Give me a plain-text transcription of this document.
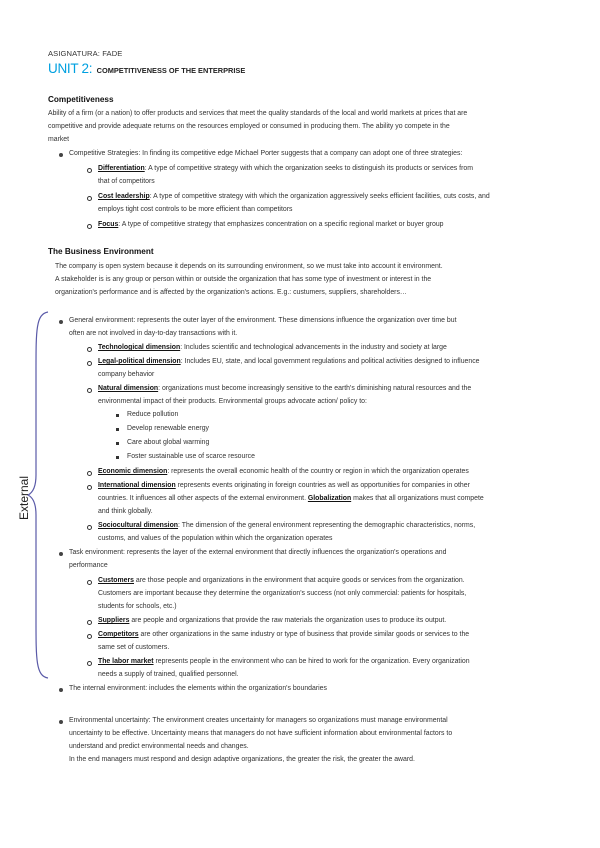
ASIGNATURA: FADE
UNIT 2: COMPETITIVENESS OF THE ENTERPRISE
Competitiveness
Ability of a firm (or a nation) to offer products and services that meet the quality standards of the local and world markets at prices that are
competitive and provide adequate returns on the resources employed or consumed in producing them. The ability yo compete in the
market
Competitive Strategies: In finding its competitive edge Michael Porter suggests that a company can adopt one of three strategies:
Differentiation: A type of competitive strategy with which the organization seeks to distinguish its products or services from
that of competitors
Cost leadership: A type of competitive strategy with which the organization aggressively seeks efficient facilities, cuts costs, and
employs tight cost controls to be more efficient than competitors
Focus: A type of competitive strategy that emphasizes concentration on a specific regional market or buyer group
The Business Environment
The company is open system because it depends on its surrounding environment, so we must take into account it environment.
A stakeholder is is any group or person within or outside the organization that has some type of investment or interest in the
organization's performance and is affected by the organization's actions. E.g.: custumers, suppliers, shareholders…
External
General environment: represents the outer layer of the environment. These dimensions influence the organization over time but
often are not involved in day-to-day transactions with it.
Technological dimension: Includes scientific and technological advancements in the industry and society at large
Legal-political dimension: Includes EU, state, and local government regulations and political activities designed to influence
company behavior
Natural dimension: organizations must become increasingly sensitive to the earth's diminishing natural resources and the
environmental impact of their products. Environmental groups advocate action/ policy to:
Reduce pollution
Develop renewable energy
Care about global warming
Foster sustainable use of scarce resource
Economic dimension: represents the overall economic health of the country or region in which the organization operates
International dimension represents events originating in foreign countries as well as opportunities for companies in other
countries. It influences all other aspects of the external environment. Globalization makes that all organizations must compete
and think globally.
Sociocultural dimension: The dimension of the general environment representing the demographic characteristics, norms,
customs, and values of the population within which the organization operates
Task environment: represents the layer of the external environment that directly influences the organization's operations and
performance
Customers are those people and organizations in the environment that acquire goods or services from the organization.
Customers are important because they determine the organization's success (not only commercial: patients for hospitals,
students for schools, etc.)
Suppliers are people and organizations that provide the raw materials the organization uses to produce its output.
Competitors are other organizations in the same industry or type of business that provide similar goods or services to the
same set of customers.
The labor market represents people in the environment who can be hired to work for the organization. Every organization
needs a supply of trained, qualified personnel.
The internal environment: includes the elements within the organization's boundaries
Environmental uncertainty: The environment creates uncertainty for managers so organizations must manage environmental
uncertainty to be effective. Uncertainty means that managers do not have sufficient information about environmental factors to
understand and predict environmental needs and changes.
In the end managers must respond and design adaptive organizations, the greater the risk, the greater the award.
